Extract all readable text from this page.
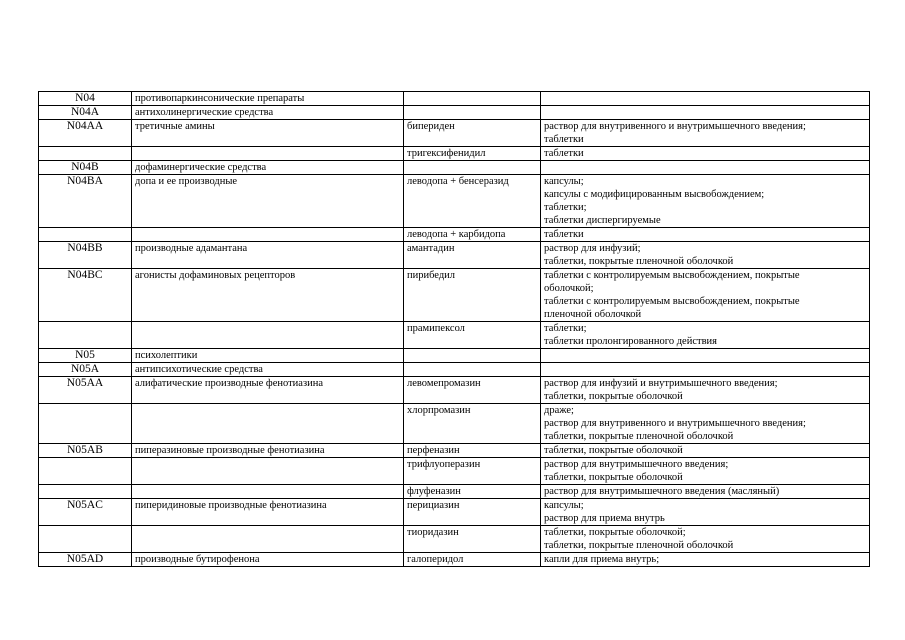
N04	противопаркинсонические препараты		

N04A	антихолинергические средства		

N04AA	третичные амины	бипериден	раствор для внутривенного и внутримышечного введения;
таблетки

		тригексифенидил	таблетки

N04B	дофаминергические средства		

N04BA	допа и ее производные	леводопа + бенсеразид	капсулы;
капсулы с модифицированным высвобождением;
таблетки;
таблетки диспергируемые

		леводопа + карбидопа	таблетки

N04BB	производные адамантана	амантадин	раствор для инфузий;
таблетки, покрытые пленочной оболочкой

N04BC	агонисты дофаминовых рецепторов	пирибедил	таблетки с контролируемым высвобождением, покрытые
оболочкой;
таблетки с контролируемым высвобождением, покрытые
пленочной оболочкой

		прамипексол	таблетки;
таблетки пролонгированного действия

N05	психолептики		

N05A	антипсихотические средства		

N05AA	алифатические производные фенотиазина	левомепромазин	раствор для инфузий и внутримышечного введения;
таблетки, покрытые оболочкой

		хлорпромазин	драже;
раствор для внутривенного и внутримышечного введения;
таблетки, покрытые пленочной оболочкой

N05AB	пиперазиновые производные фенотиазина	перфеназин	таблетки, покрытые оболочкой

		трифлуоперазин	раствор для внутримышечного введения;
таблетки, покрытые оболочкой

		флуфеназин	раствор для внутримышечного введения (масляный)

N05AC	пиперидиновые производные фенотиазина	перициазин	капсулы;
раствор для приема внутрь

		тиоридазин	таблетки, покрытые оболочкой;
таблетки, покрытые пленочной оболочкой

N05AD	производные бутирофенона	галоперидол	капли для приема внутрь;
